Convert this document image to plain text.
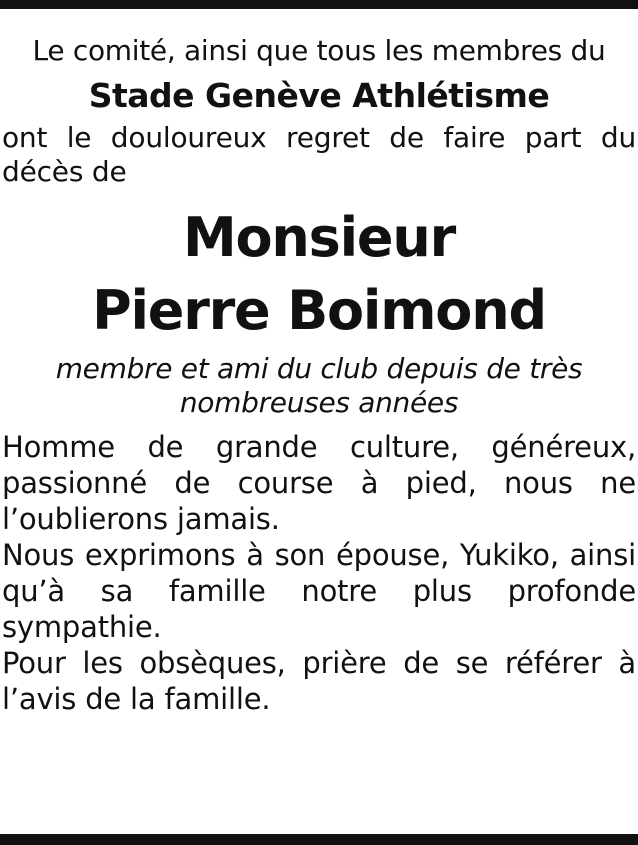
Le comité, ainsi que tous les membres du

Stade Genève Athlétisme

ont le douloureux regret de faire part du décès de

Monsieur
Pierre Boimond

membre et ami du club depuis de très nombreuses années

Homme de grande culture, généreux, passionné de course à pied, nous ne l’oublierons jamais.

Nous exprimons à son épouse, Yukiko, ainsi qu’à sa famille notre plus profonde sympathie.

Pour les obsèques, prière de se référer à l’avis de la famille.
